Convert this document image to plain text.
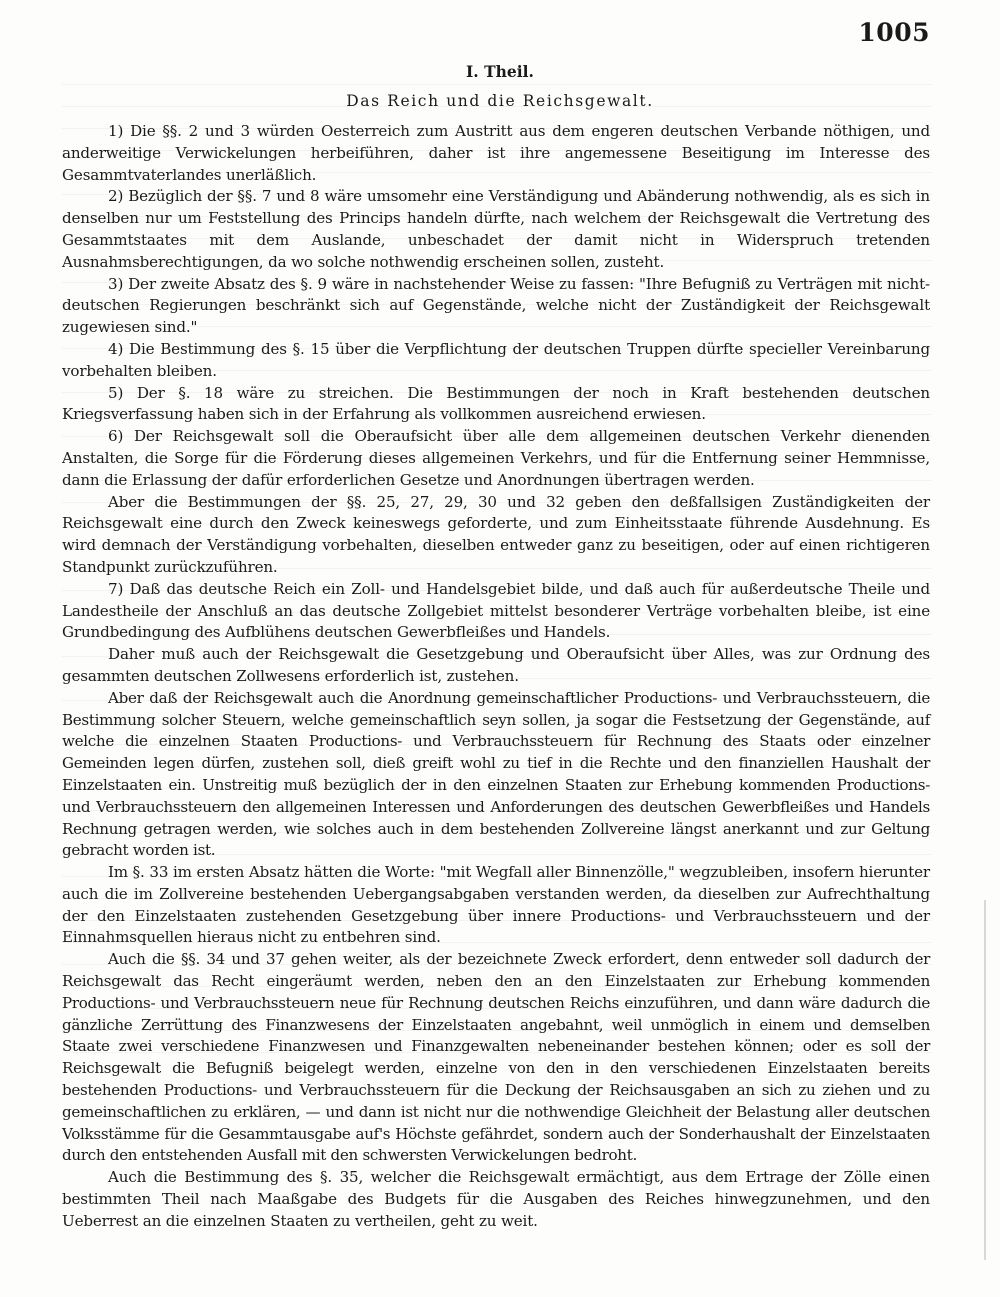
1005
I. Theil.
Das Reich und die Reichsgewalt.

1) Die §§. 2 und 3 würden Oesterreich zum Austritt aus dem engeren deutschen Verbande nöthigen, und anderweitige Verwickelungen herbeiführen, daher ist ihre angemessene Beseitigung im Interesse des Gesammtvaterlandes unerläßlich.

2) Bezüglich der §§. 7 und 8 wäre umsomehr eine Verständigung und Abänderung nothwendig, als es sich in denselben nur um Feststellung des Princips handeln dürfte, nach welchem der Reichsgewalt die Vertretung des Gesammtstaates mit dem Auslande, unbeschadet der damit nicht in Widerspruch tretenden Ausnahmsberechtigungen, da wo solche nothwendig erscheinen sollen, zusteht.

3) Der zweite Absatz des §. 9 wäre in nachstehender Weise zu fassen: "Ihre Befugniß zu Verträgen mit nicht-deutschen Regierungen beschränkt sich auf Gegenstände, welche nicht der Zuständigkeit der Reichsgewalt zugewiesen sind."

4) Die Bestimmung des §. 15 über die Verpflichtung der deutschen Truppen dürfte specieller Vereinbarung vorbehalten bleiben.

5) Der §. 18 wäre zu streichen. Die Bestimmungen der noch in Kraft bestehenden deutschen Kriegsverfassung haben sich in der Erfahrung als vollkommen ausreichend erwiesen.

6) Der Reichsgewalt soll die Oberaufsicht über alle dem allgemeinen deutschen Verkehr dienenden Anstalten, die Sorge für die Förderung dieses allgemeinen Verkehrs, und für die Entfernung seiner Hemmnisse, dann die Erlassung der dafür erforderlichen Gesetze und Anordnungen übertragen werden.

Aber die Bestimmungen der §§. 25, 27, 29, 30 und 32 geben den deßfallsigen Zuständigkeiten der Reichsgewalt eine durch den Zweck keineswegs geforderte, und zum Einheitsstaate führende Ausdehnung. Es wird demnach der Verständigung vorbehalten, dieselben entweder ganz zu beseitigen, oder auf einen richtigeren Standpunkt zurückzuführen.

7) Daß das deutsche Reich ein Zoll- und Handelsgebiet bilde, und daß auch für außerdeutsche Theile und Landestheile der Anschluß an das deutsche Zollgebiet mittelst besonderer Verträge vorbehalten bleibe, ist eine Grundbedingung des Aufblühens deutschen Gewerbfleißes und Handels.

Daher muß auch der Reichsgewalt die Gesetzgebung und Oberaufsicht über Alles, was zur Ordnung des gesammten deutschen Zollwesens erforderlich ist, zustehen.

Aber daß der Reichsgewalt auch die Anordnung gemeinschaftlicher Productions- und Verbrauchssteuern, die Bestimmung solcher Steuern, welche gemeinschaftlich seyn sollen, ja sogar die Festsetzung der Gegenstände, auf welche die einzelnen Staaten Productions- und Verbrauchssteuern für Rechnung des Staats oder einzelner Gemeinden legen dürfen, zustehen soll, dieß greift wohl zu tief in die Rechte und den finanziellen Haushalt der Einzelstaaten ein. Unstreitig muß bezüglich der in den einzelnen Staaten zur Erhebung kommenden Productions- und Verbrauchssteuern den allgemeinen Interessen und Anforderungen des deutschen Gewerbfleißes und Handels Rechnung getragen werden, wie solches auch in dem bestehenden Zollvereine längst anerkannt und zur Geltung gebracht worden ist.

Im §. 33 im ersten Absatz hätten die Worte: "mit Wegfall aller Binnenzölle," wegzubleiben, insofern hierunter auch die im Zollvereine bestehenden Uebergangsabgaben verstanden werden, da dieselben zur Aufrechthaltung der den Einzelstaaten zustehenden Gesetzgebung über innere Productions- und Verbrauchssteuern und der Einnahmsquellen hieraus nicht zu entbehren sind.

Auch die §§. 34 und 37 gehen weiter, als der bezeichnete Zweck erfordert, denn entweder soll dadurch der Reichsgewalt das Recht eingeräumt werden, neben den an den Einzelstaaten zur Erhebung kommenden Productions- und Verbrauchssteuern neue für Rechnung deutschen Reichs einzuführen, und dann wäre dadurch die gänzliche Zerrüttung des Finanzwesens der Einzelstaaten angebahnt, weil unmöglich in einem und demselben Staate zwei verschiedene Finanzwesen und Finanzgewalten nebeneinander bestehen können; oder es soll der Reichsgewalt die Befugniß beigelegt werden, einzelne von den in den verschiedenen Einzelstaaten bereits bestehenden Productions- und Verbrauchssteuern für die Deckung der Reichsausgaben an sich zu ziehen und zu gemeinschaftlichen zu erklären, — und dann ist nicht nur die nothwendige Gleichheit der Belastung aller deutschen Volksstämme für die Gesammtausgabe auf's Höchste gefährdet, sondern auch der Sonderhaushalt der Einzelstaaten durch den entstehenden Ausfall mit den schwersten Verwickelungen bedroht.

Auch die Bestimmung des §. 35, welcher die Reichsgewalt ermächtigt, aus dem Ertrage der Zölle einen bestimmten Theil nach Maaßgabe des Budgets für die Ausgaben des Reiches hinwegzunehmen, und den Ueberrest an die einzelnen Staaten zu vertheilen, geht zu weit.
